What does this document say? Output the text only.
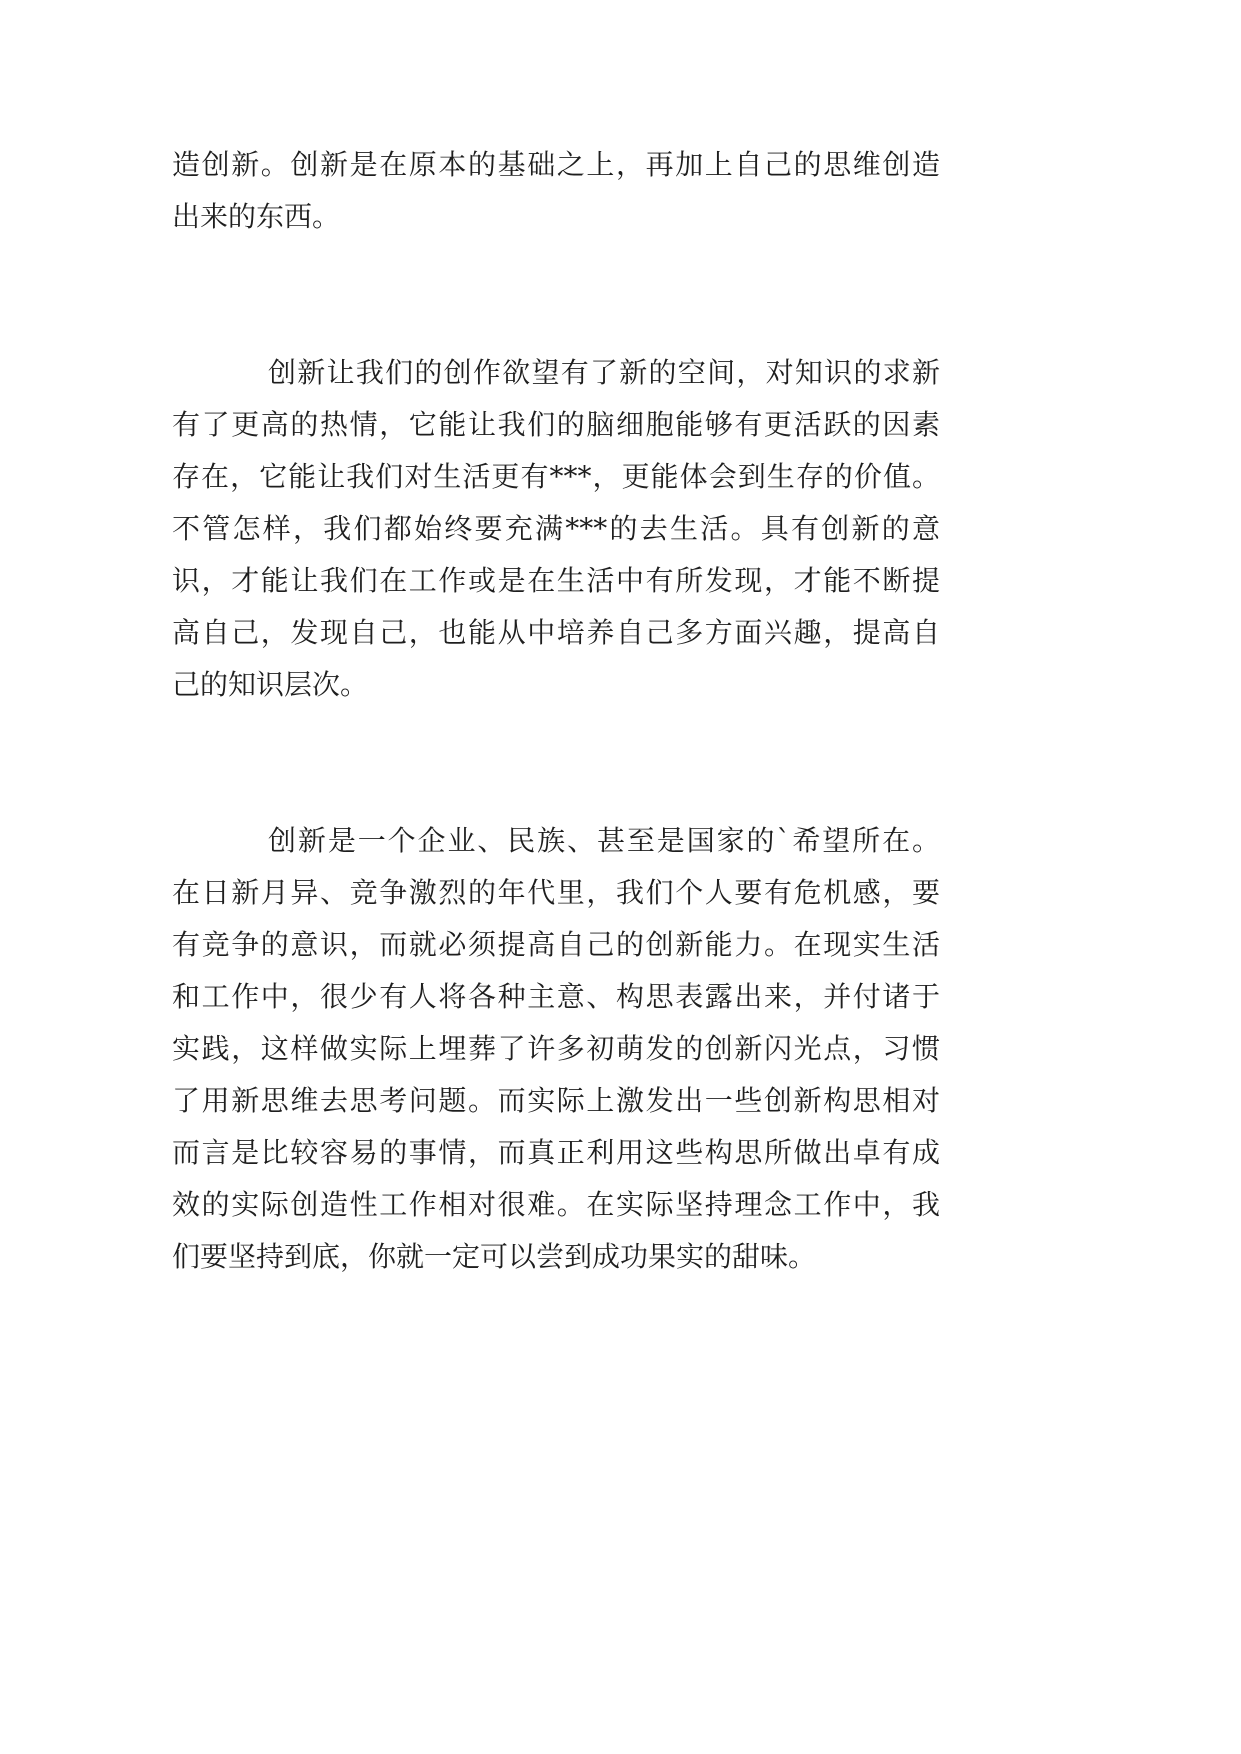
造创新。创新是在原本的基础之上，再加上自己的思维创造
出来的东西。
创新让我们的创作欲望有了新的空间，对知识的求新
有了更高的热情，它能让我们的脑细胞能够有更活跃的因素
存在，它能让我们对生活更有***，更能体会到生存的价值。
不管怎样，我们都始终要充满***的去生活。具有创新的意
识，才能让我们在工作或是在生活中有所发现，才能不断提
高自己，发现自己，也能从中培养自己多方面兴趣，提高自
己的知识层次。
创新是一个企业、民族、甚至是国家的`希望所在。
在日新月异、竞争激烈的年代里，我们个人要有危机感，要
有竞争的意识，而就必须提高自己的创新能力。在现实生活
和工作中，很少有人将各种主意、构思表露出来，并付诸于
实践，这样做实际上埋葬了许多初萌发的创新闪光点，习惯
了用新思维去思考问题。而实际上激发出一些创新构思相对
而言是比较容易的事情，而真正利用这些构思所做出卓有成
效的实际创造性工作相对很难。在实际坚持理念工作中，我
们要坚持到底，你就一定可以尝到成功果实的甜味。
